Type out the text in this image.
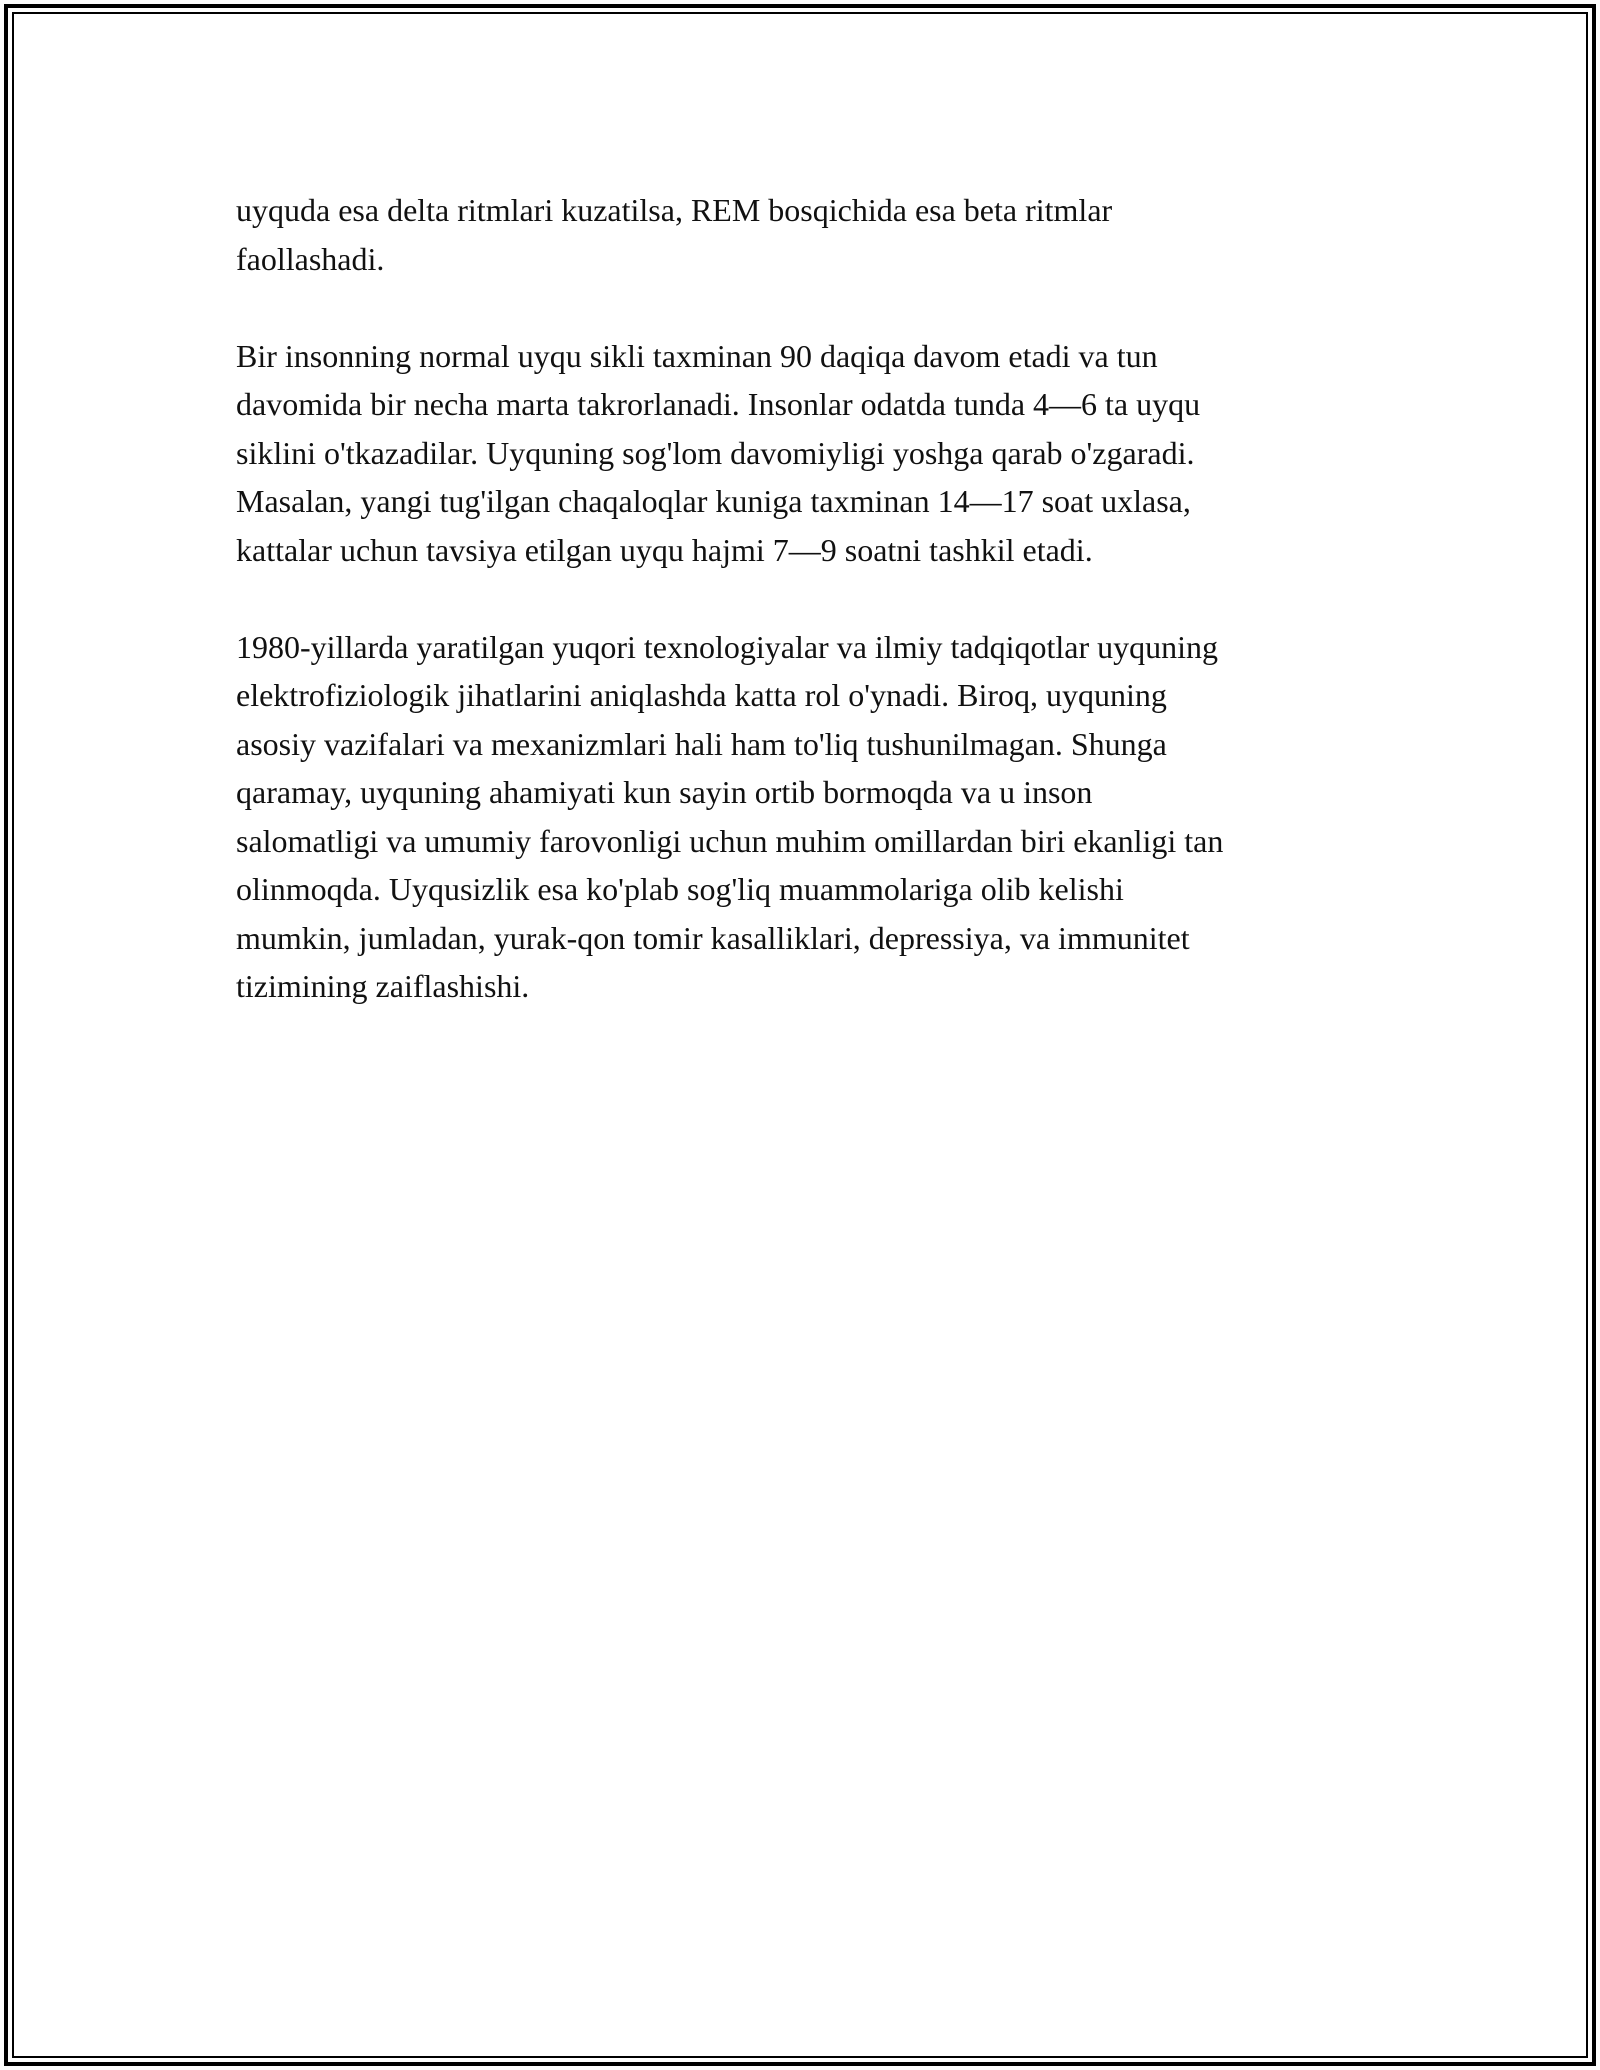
uyquda esa delta ritmlari kuzatilsa, REM bosqichida esa beta ritmlar
faollashadi.

Bir insonning normal uyqu sikli taxminan 90 daqiqa davom etadi va tun
davomida bir necha marta takrorlanadi. Insonlar odatda tunda 4—6 ta uyqu
siklini o'tkazadilar. Uyquning sog'lom davomiyligi yoshga qarab o'zgaradi.
Masalan, yangi tug'ilgan chaqaloqlar kuniga taxminan 14—17 soat uxlasa,
kattalar uchun tavsiya etilgan uyqu hajmi 7—9 soatni tashkil etadi.

1980-yillarda yaratilgan yuqori texnologiyalar va ilmiy tadqiqotlar uyquning
elektrofiziologik jihatlarini aniqlashda katta rol o'ynadi. Biroq, uyquning
asosiy vazifalari va mexanizmlari hali ham to'liq tushunilmagan. Shunga
qaramay, uyquning ahamiyati kun sayin ortib bormoqda va u inson
salomatligi va umumiy farovonligi uchun muhim omillardan biri ekanligi tan
olinmoqda. Uyqusizlik esa ko'plab sog'liq muammolariga olib kelishi
mumkin, jumladan, yurak-qon tomir kasalliklari, depressiya, va immunitet
tizimining zaiflashishi.
